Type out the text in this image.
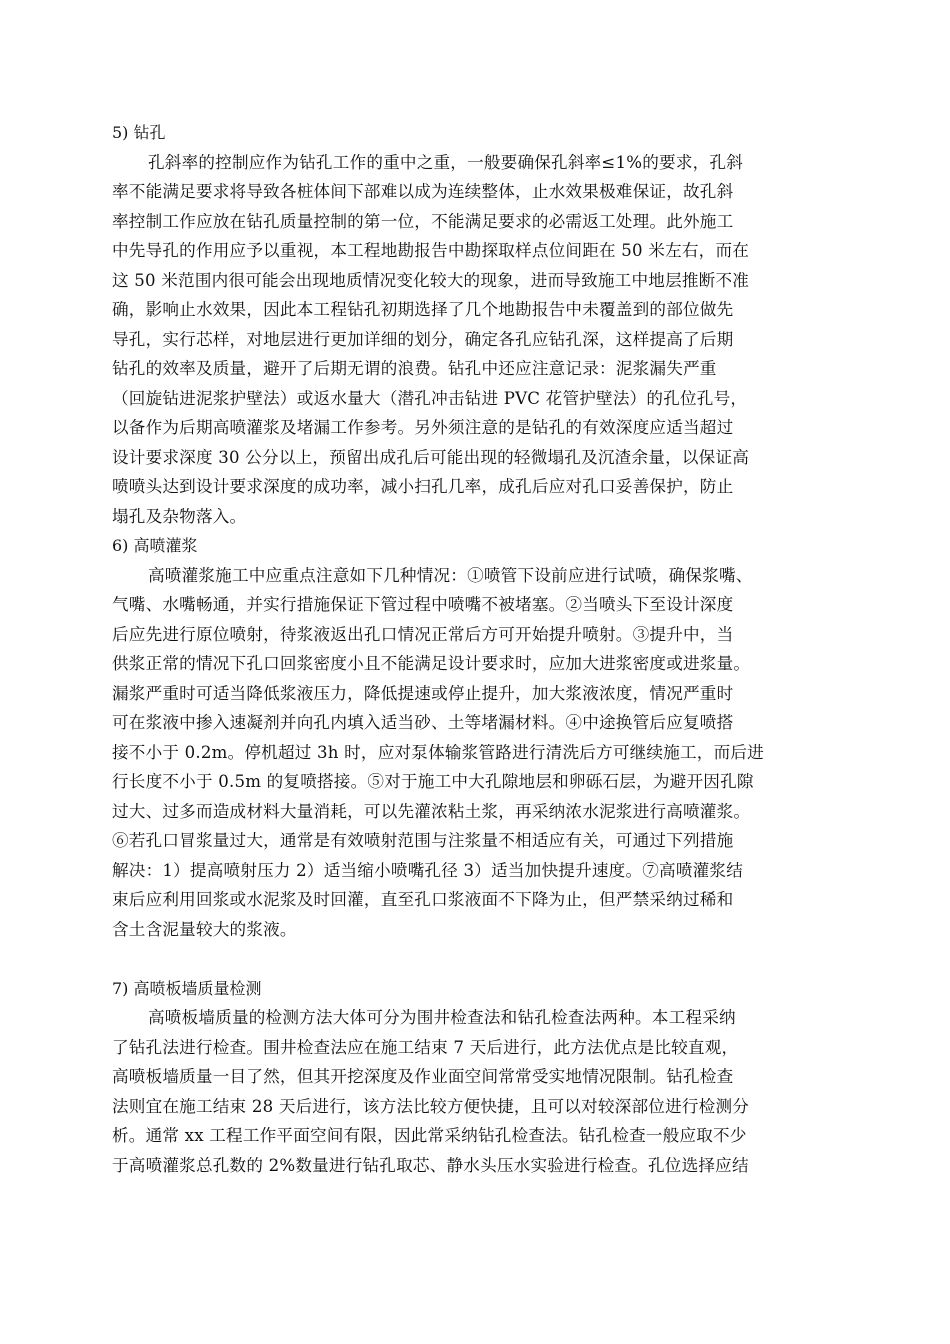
5) 钻孔
孔斜率的控制应作为钻孔工作的重中之重，一般要确保孔斜率≤1%的要求，孔斜
率不能满足要求将导致各桩体间下部难以成为连续整体，止水效果极难保证，故孔斜
率控制工作应放在钻孔质量控制的第一位，不能满足要求的必需返工处理。此外施工
中先导孔的作用应予以重视，本工程地勘报告中勘探取样点位间距在 50 米左右，而在
这 50 米范围内很可能会出现地质情况变化较大的现象，进而导致施工中地层推断不准
确，影响止水效果，因此本工程钻孔初期选择了几个地勘报告中未覆盖到的部位做先
导孔，实行芯样，对地层进行更加详细的划分，确定各孔应钻孔深，这样提高了后期
钻孔的效率及质量，避开了后期无谓的浪费。钻孔中还应注意记录：泥浆漏失严重
（回旋钻进泥浆护壁法）或返水量大（潜孔冲击钻进 PVC 花管护壁法）的孔位孔号，
以备作为后期高喷灌浆及堵漏工作参考。另外须注意的是钻孔的有效深度应适当超过
设计要求深度 30 公分以上，预留出成孔后可能出现的轻微塌孔及沉渣余量，以保证高
喷喷头达到设计要求深度的成功率，减小扫孔几率，成孔后应对孔口妥善保护，防止
塌孔及杂物落入。
6) 高喷灌浆
高喷灌浆施工中应重点注意如下几种情况：①喷管下设前应进行试喷，确保浆嘴、
气嘴、水嘴畅通，并实行措施保证下管过程中喷嘴不被堵塞。②当喷头下至设计深度
后应先进行原位喷射，待浆液返出孔口情况正常后方可开始提升喷射。③提升中，当
供浆正常的情况下孔口回浆密度小且不能满足设计要求时，应加大进浆密度或进浆量。
漏浆严重时可适当降低浆液压力，降低提速或停止提升，加大浆液浓度，情况严重时
可在浆液中掺入速凝剂并向孔内填入适当砂、土等堵漏材料。④中途换管后应复喷搭
接不小于 0.2m。停机超过 3h 时，应对泵体输浆管路进行清洗后方可继续施工，而后进
行长度不小于 0.5m 的复喷搭接。⑤对于施工中大孔隙地层和卵砾石层，为避开因孔隙
过大、过多而造成材料大量消耗，可以先灌浓粘土浆，再采纳浓水泥浆进行高喷灌浆。
⑥若孔口冒浆量过大，通常是有效喷射范围与注浆量不相适应有关，可通过下列措施
解决：1）提高喷射压力 2）适当缩小喷嘴孔径 3）适当加快提升速度。⑦高喷灌浆结
束后应利用回浆或水泥浆及时回灌，直至孔口浆液面不下降为止，但严禁采纳过稀和
含土含泥量较大的浆液。
7) 高喷板墙质量检测
高喷板墙质量的检测方法大体可分为围井检查法和钻孔检查法两种。本工程采纳
了钻孔法进行检查。围井检查法应在施工结束 7 天后进行，此方法优点是比较直观，
高喷板墙质量一目了然，但其开挖深度及作业面空间常常受实地情况限制。钻孔检查
法则宜在施工结束 28 天后进行，该方法比较方便快捷，且可以对较深部位进行检测分
析。通常 xx 工程工作平面空间有限，因此常采纳钻孔检查法。钻孔检查一般应取不少
于高喷灌浆总孔数的 2%数量进行钻孔取芯、静水头压水实验进行检查。孔位选择应结
